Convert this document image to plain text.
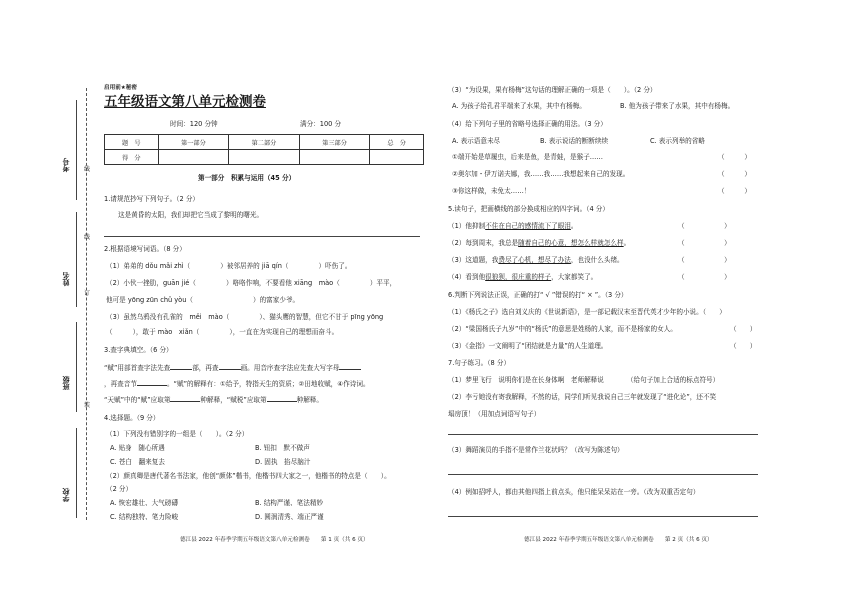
线
订
装
线
考号
姓名
班级
学校
启用前★秘密
五年级语文第八单元检测卷
时间：120 分钟	满分：100 分
题　号	第一部分	第二部分	第三部分	总　分
得　分				
第一部分　积累与运用（45 分）
1.请规范抄写下列句子。（2 分）
这是黄昏的太阳，我们却把它当成了黎明的曙光。
2.根据语境写词语。（8 分）
（1）弟弟的 dǒu mǎi zhì（	）被邻居养的 jiā qín（	）吓伤了。
（2）小伙一挫肋，guān jié（	）咯咯作响，不要看他 xiāng　mào（	）平平，
他可是 yōng zūn chǔ yòu（	）的富家少爷。
（3）虽然乌鸦没有孔雀的　měi　mào（	）、猫头鹰的智慧，但它不甘于 pīng yōng
（	），敢于 mào　xiǎn（	），一直在为实现自己的理想而奋斗。
3.查字典填空。（6 分）
“赋”用部首查字法先查	部，再查	画。用音序查字法应先查大写字母
，再查音节	。“赋”的解释有：①给予，特指天生的资质；②田地收赋，④作诗词。
“天赋”中的“赋”应取第	种解释，“赋税”应取第	种解释。
4.选择题。（9 分）
（1）下列没有错别字的一组是（　　）。（2 分）
A. 贴身　随心所遇	B. 钮扣　默不做声
C. 苍白　翻来复去	D. 固执　掐尽脑汁
（2）颜真卿是唐代著名书法家，他创“颜体”楷书，他楷书四大家之一，他楷书的特点是（　　）。
（2 分）
A. 恢宏雄壮、大气磅礴	B. 结构严谨、笔法精妙
C. 结构独特、笔力险峻	D. 圆润清秀、端正严谨
德江县 2022 年春季学期五年级语文第八单元检测卷　　第 1 页（共 6 页）
（3）“为设果，果有杨梅”这句话的理解正确的一项是（　　）。（2 分）
A. 为孩子给孔君平端来了水果，其中有杨梅。	B. 他为孩子带来了水果，其中有杨梅。
（4）给下列句子里的省略号选择正确的用法。（3 分）
A. 表示语意未尽	B. 表示说话的断断续续	C. 表示列举的省略
①端开始是草履虫，后来是鱼，是青蛙，是猴子……	（　　　）
②奥尔加・伊万诺夫娜，我……我……我想起来自己的发现。	（　　　）
③你这样做，未免太……！	（　　　）
5.读句子，把画横线的部分换成相应的四字词。（4 分）
（1）他抑制不住在自己的感情流下了眼泪。	（　　　　　　）
（2）每到周末，我总是随着自己的心意，想怎么样就怎么样。	（　　　　　　）
（3）这道题，我费尽了心机，想尽了办法，也没什么头绪。	（　　　　　　）
（4）看到他很狼狈，很庄重的样子，大家都笑了。	（　　　　　　）
6.判断下列说法正误，正确的打“ √ ”错误的打“ × ”。（3 分）
（1）《杨氏之子》选自刘义庆的《世说新语》，是一部记载汉末至晋代英才少年的小说。（　　）
（2）“梁国杨氏子九岁”中的“杨氏”的意思是姓杨的人家，而不是杨家的女人。	（　　）
（3）《金指》一文阐明了“团结就是力量”的人生道理。	（　　）
7.句子练习。（8 分）
（1）梦里飞行　说明你们是在长身体啊　老师解释说　　　　（给句子加上合适的标点符号）
（2）李亏她没有寄我解释，不然的话，同学们听见我说自己三年就发现了“进化论”，还不笑
塌房顶！（用加点词语写句子）
（3）舞蹈演员的手指不是常作兰花状吗？（改写为陈述句）
（4）例如招呼人，都由其他四指上前点头，他只能呆呆站在一旁。（改为双重否定句）
德江县 2022 年春季学期五年级语文第八单元检测卷　　第 2 页（共 6 页）
